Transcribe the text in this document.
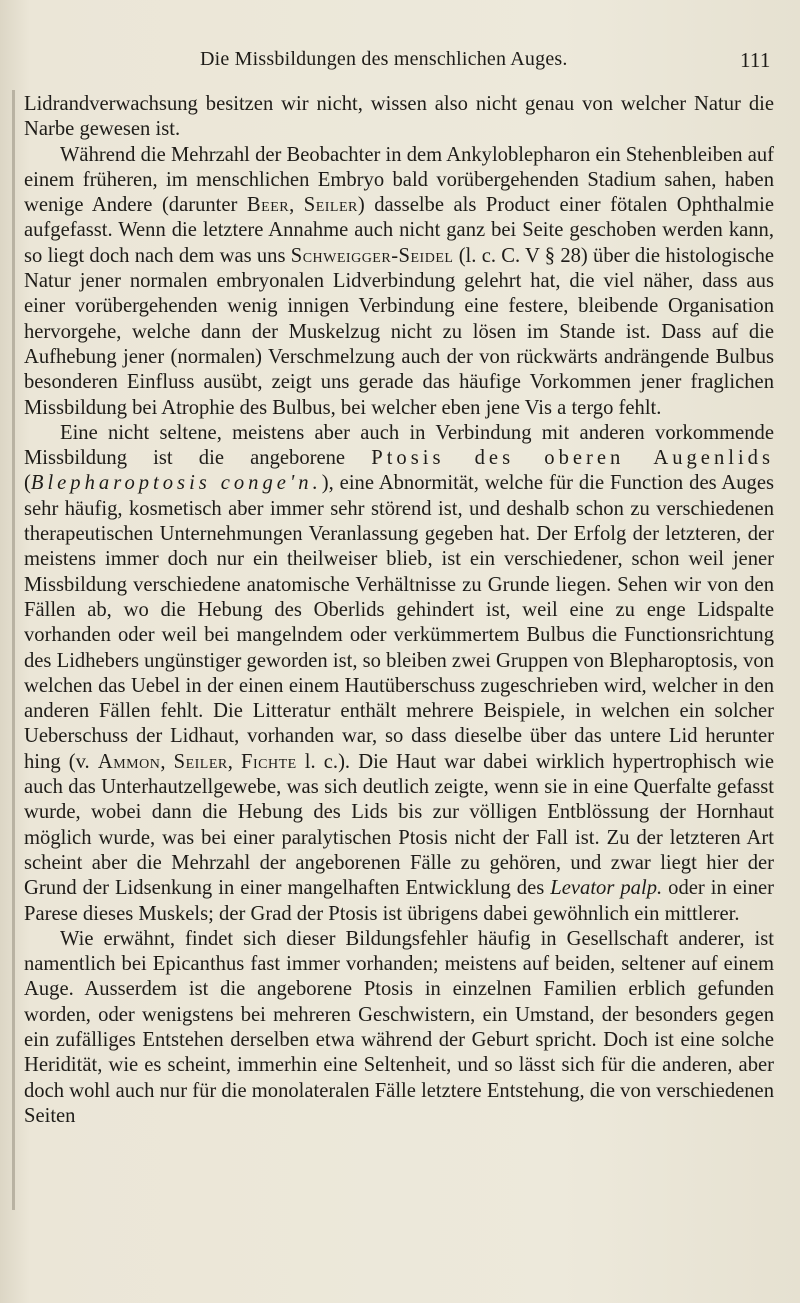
Die Missbildungen des menschlichen Auges.	111

Lidrandverwachsung besitzen wir nicht, wissen also nicht genau von welcher Natur die Narbe gewesen ist.

Während die Mehrzahl der Beobachter in dem Ankyloblepharon ein Stehenbleiben auf einem früheren, im menschlichen Embryo bald vorübergehenden Stadium sahen, haben wenige Andere (darunter Beer, Seiler) dasselbe als Product einer fötalen Ophthalmie aufgefasst. Wenn die letztere Annahme auch nicht ganz bei Seite geschoben werden kann, so liegt doch nach dem was uns Schweigger-Seidel (l. c. C. V § 28) über die histologische Natur jener normalen embryonalen Lidverbindung gelehrt hat, die viel näher, dass aus einer vorübergehenden wenig innigen Verbindung eine festere, bleibende Organisation hervorgehe, welche dann der Muskelzug nicht zu lösen im Stande ist. Dass auf die Aufhebung jener (normalen) Verschmelzung auch der von rückwärts andrängende Bulbus besonderen Einfluss ausübt, zeigt uns gerade das häufige Vorkommen jener fraglichen Missbildung bei Atrophie des Bulbus, bei welcher eben jene Vis a tergo fehlt.

Eine nicht seltene, meistens aber auch in Verbindung mit anderen vorkommende Missbildung ist die angeborene Ptosis des oberen Augenlids (Blepharoptosis conge'n.), eine Abnormität, welche für die Function des Auges sehr häufig, kosmetisch aber immer sehr störend ist, und deshalb schon zu verschiedenen therapeutischen Unternehmungen Veranlassung gegeben hat. Der Erfolg der letzteren, der meistens immer doch nur ein theilweiser blieb, ist ein verschiedener, schon weil jener Missbildung verschiedene anatomische Verhältnisse zu Grunde liegen. Sehen wir von den Fällen ab, wo die Hebung des Oberlids gehindert ist, weil eine zu enge Lidspalte vorhanden oder weil bei mangelndem oder verkümmertem Bulbus die Functionsrichtung des Lidhebers ungünstiger geworden ist, so bleiben zwei Gruppen von Blepharoptosis, von welchen das Uebel in der einen einem Hautüberschuss zugeschrieben wird, welcher in den anderen Fällen fehlt. Die Litteratur enthält mehrere Beispiele, in welchen ein solcher Ueberschuss der Lidhaut, vorhanden war, so dass dieselbe über das untere Lid herunter hing (v. Ammon, Seiler, Fichte l. c.). Die Haut war dabei wirklich hypertrophisch wie auch das Unterhautzellgewebe, was sich deutlich zeigte, wenn sie in eine Querfalte gefasst wurde, wobei dann die Hebung des Lids bis zur völligen Entblössung der Hornhaut möglich wurde, was bei einer paralytischen Ptosis nicht der Fall ist. Zu der letzteren Art scheint aber die Mehrzahl der angeborenen Fälle zu gehören, und zwar liegt hier der Grund der Lidsenkung in einer mangelhaften Entwicklung des Levator palp. oder in einer Parese dieses Muskels; der Grad der Ptosis ist übrigens dabei gewöhnlich ein mittlerer.

Wie erwähnt, findet sich dieser Bildungsfehler häufig in Gesellschaft anderer, ist namentlich bei Epicanthus fast immer vorhanden; meistens auf beiden, seltener auf einem Auge. Ausserdem ist die angeborene Ptosis in einzelnen Familien erblich gefunden worden, oder wenigstens bei mehreren Geschwistern, ein Umstand, der besonders gegen ein zufälliges Entstehen derselben etwa während der Geburt spricht. Doch ist eine solche Heridität, wie es scheint, immerhin eine Seltenheit, und so lässt sich für die anderen, aber doch wohl auch nur für die monolateralen Fälle letztere Entstehung, die von verschiedenen Seiten
